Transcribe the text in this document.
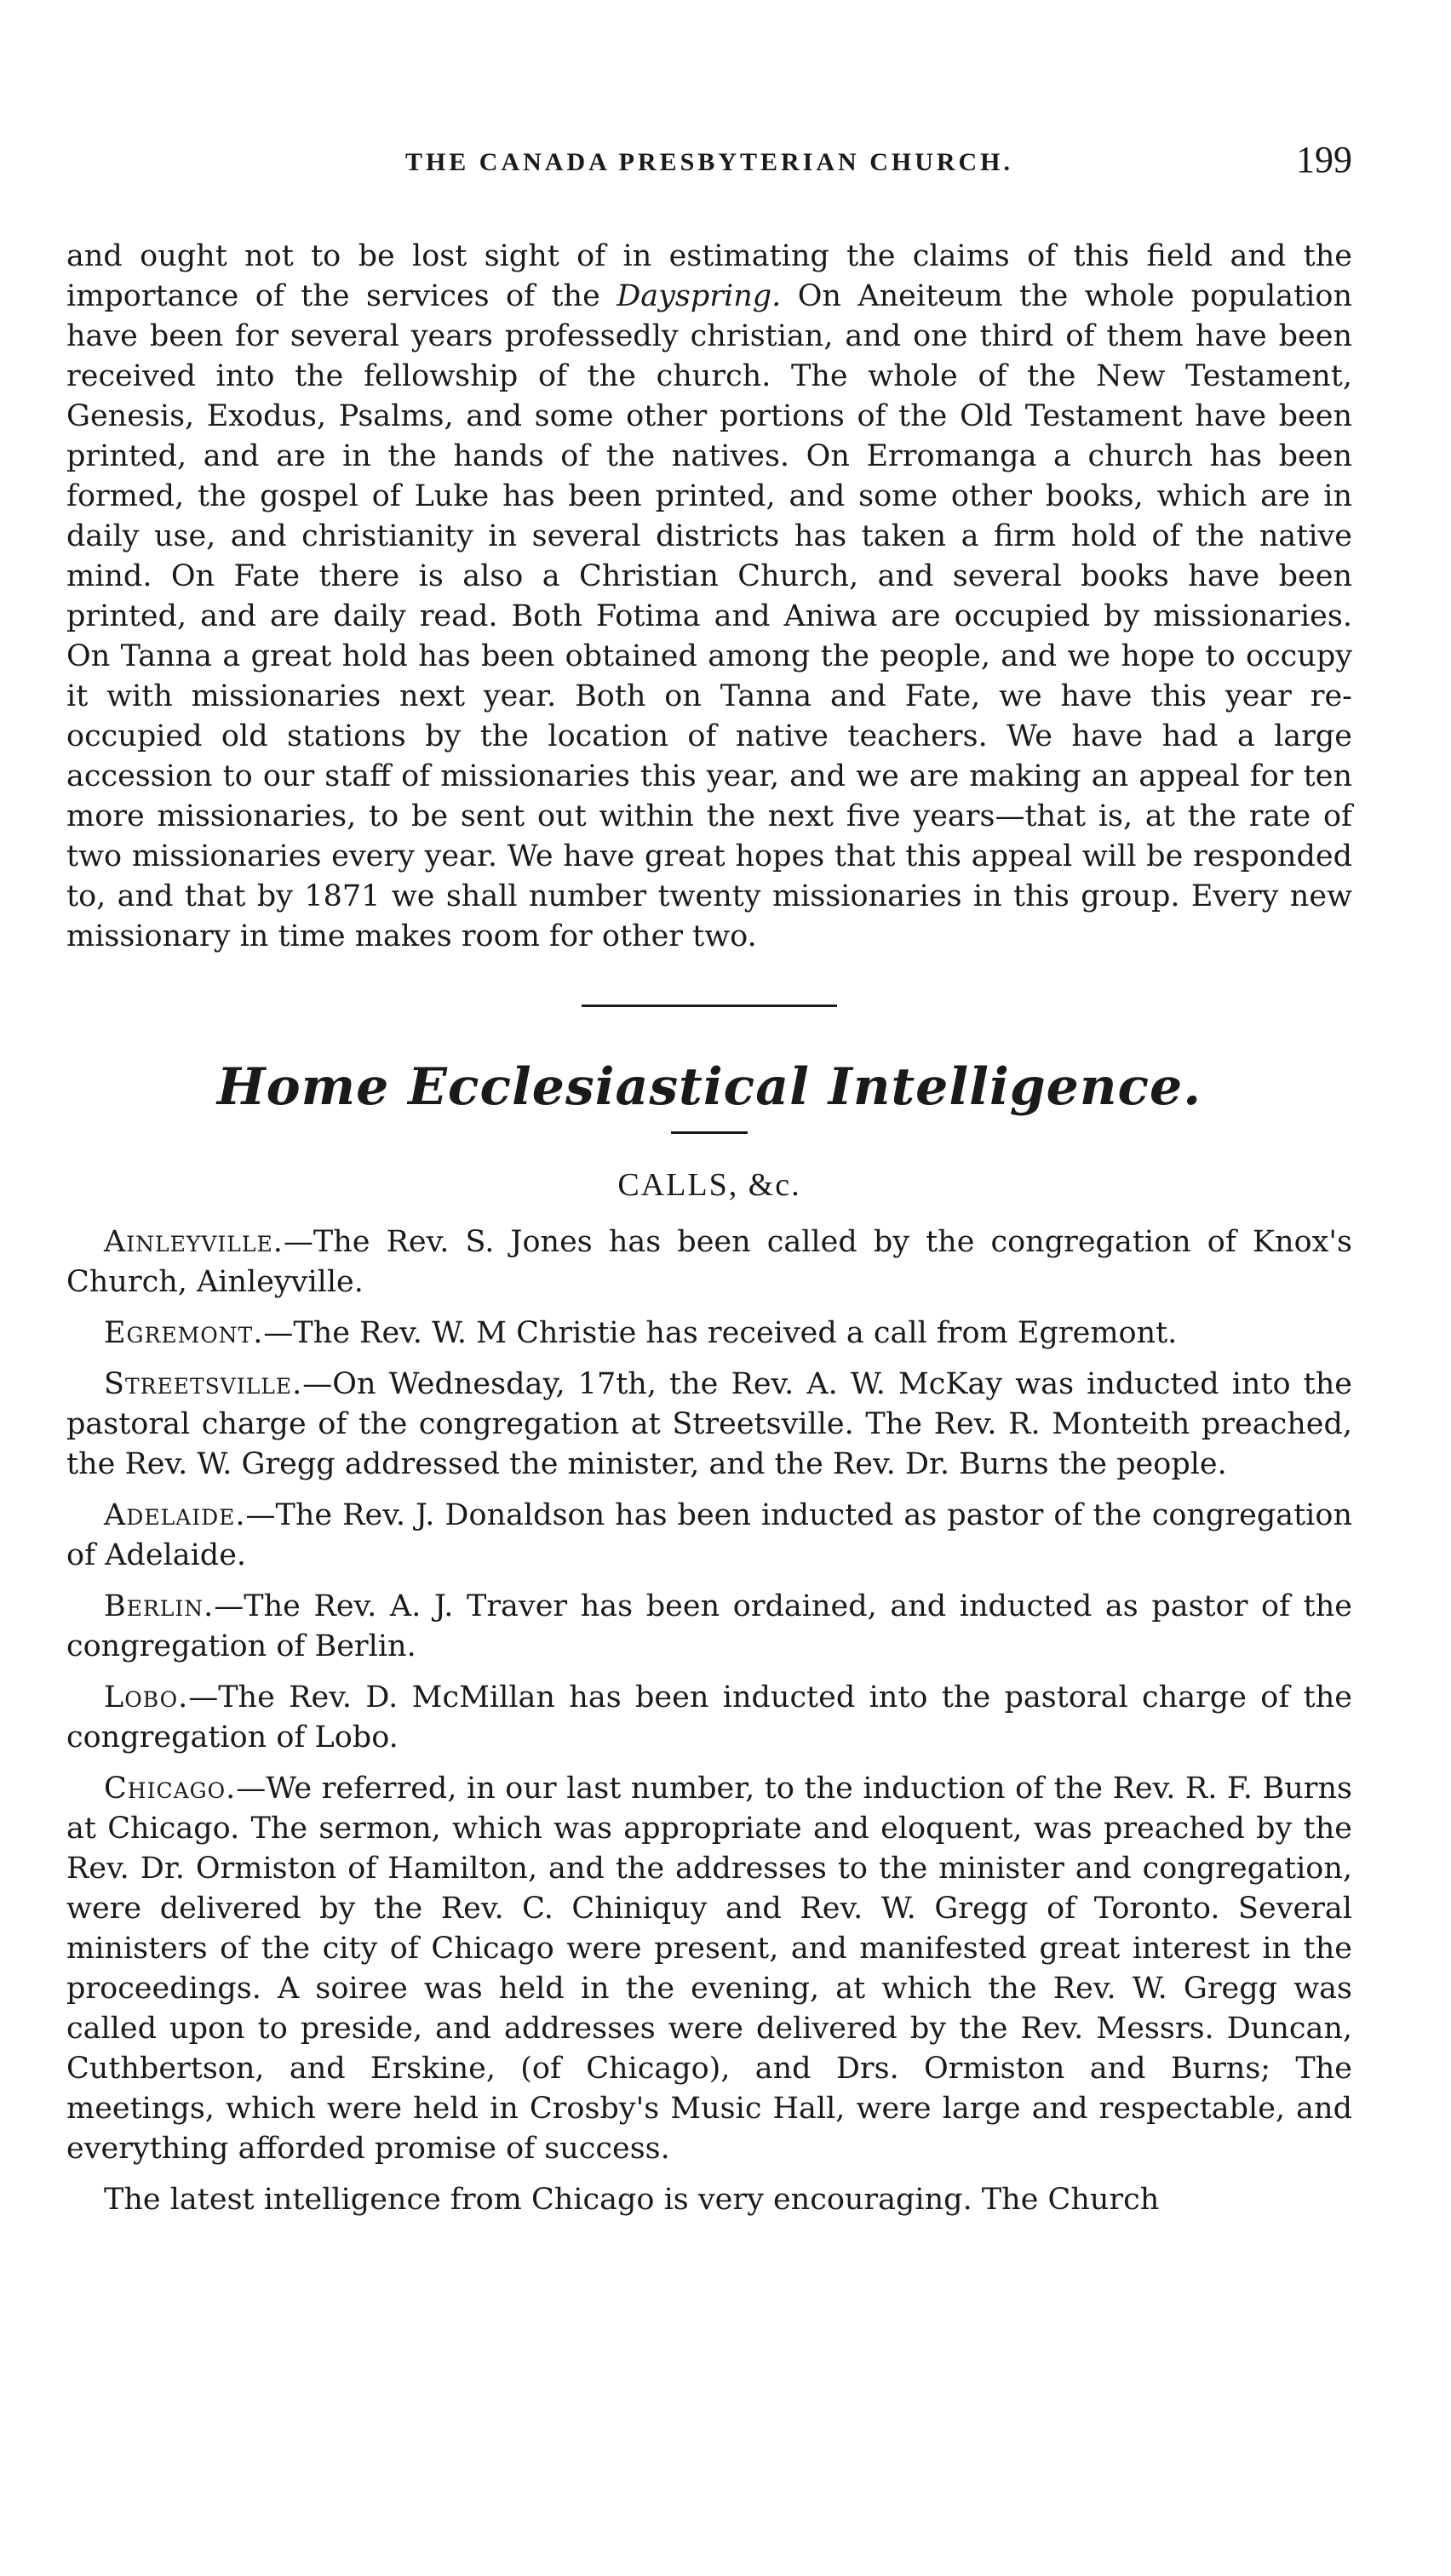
THE CANADA PRESBYTERIAN CHURCH.	199

and ought not to be lost sight of in estimating the claims of this field and the importance of the services of the Dayspring. On Aneiteum the whole population have been for several years professedly christian, and one third of them have been received into the fellowship of the church. The whole of the New Testament, Genesis, Exodus, Psalms, and some other portions of the Old Testament have been printed, and are in the hands of the natives. On Erromanga a church has been formed, the gospel of Luke has been printed, and some other books, which are in daily use, and christianity in several districts has taken a firm hold of the native mind. On Fate there is also a Christian Church, and several books have been printed, and are daily read. Both Fotima and Aniwa are occupied by missionaries. On Tanna a great hold has been obtained among the people, and we hope to occupy it with missionaries next year. Both on Tanna and Fate, we have this year re-occupied old stations by the location of native teachers. We have had a large accession to our staff of missionaries this year, and we are making an appeal for ten more missionaries, to be sent out within the next five years—that is, at the rate of two missionaries every year. We have great hopes that this appeal will be responded to, and that by 1871 we shall number twenty missionaries in this group. Every new missionary in time makes room for other two.

Home Ecclesiastical Intelligence.
CALLS, &c.

Ainleyville.—The Rev. S. Jones has been called by the congregation of Knox's Church, Ainleyville.

Egremont.—The Rev. W. M Christie has received a call from Egremont.

Streetsville.—On Wednesday, 17th, the Rev. A. W. McKay was inducted into the pastoral charge of the congregation at Streetsville. The Rev. R. Monteith preached, the Rev. W. Gregg addressed the minister, and the Rev. Dr. Burns the people.

Adelaide.—The Rev. J. Donaldson has been inducted as pastor of the congregation of Adelaide.

Berlin.—The Rev. A. J. Traver has been ordained, and inducted as pastor of the congregation of Berlin.

Lobo.—The Rev. D. McMillan has been inducted into the pastoral charge of the congregation of Lobo.

Chicago.—We referred, in our last number, to the induction of the Rev. R. F. Burns at Chicago. The sermon, which was appropriate and eloquent, was preached by the Rev. Dr. Ormiston of Hamilton, and the addresses to the minister and congregation, were delivered by the Rev. C. Chiniquy and Rev. W. Gregg of Toronto. Several ministers of the city of Chicago were present, and manifested great interest in the proceedings. A soiree was held in the evening, at which the Rev. W. Gregg was called upon to preside, and addresses were delivered by the Rev. Messrs. Duncan, Cuthbertson, and Erskine, (of Chicago), and Drs. Ormiston and Burns; The meetings, which were held in Crosby's Music Hall, were large and respectable, and everything afforded promise of success.

The latest intelligence from Chicago is very encouraging. The Church
